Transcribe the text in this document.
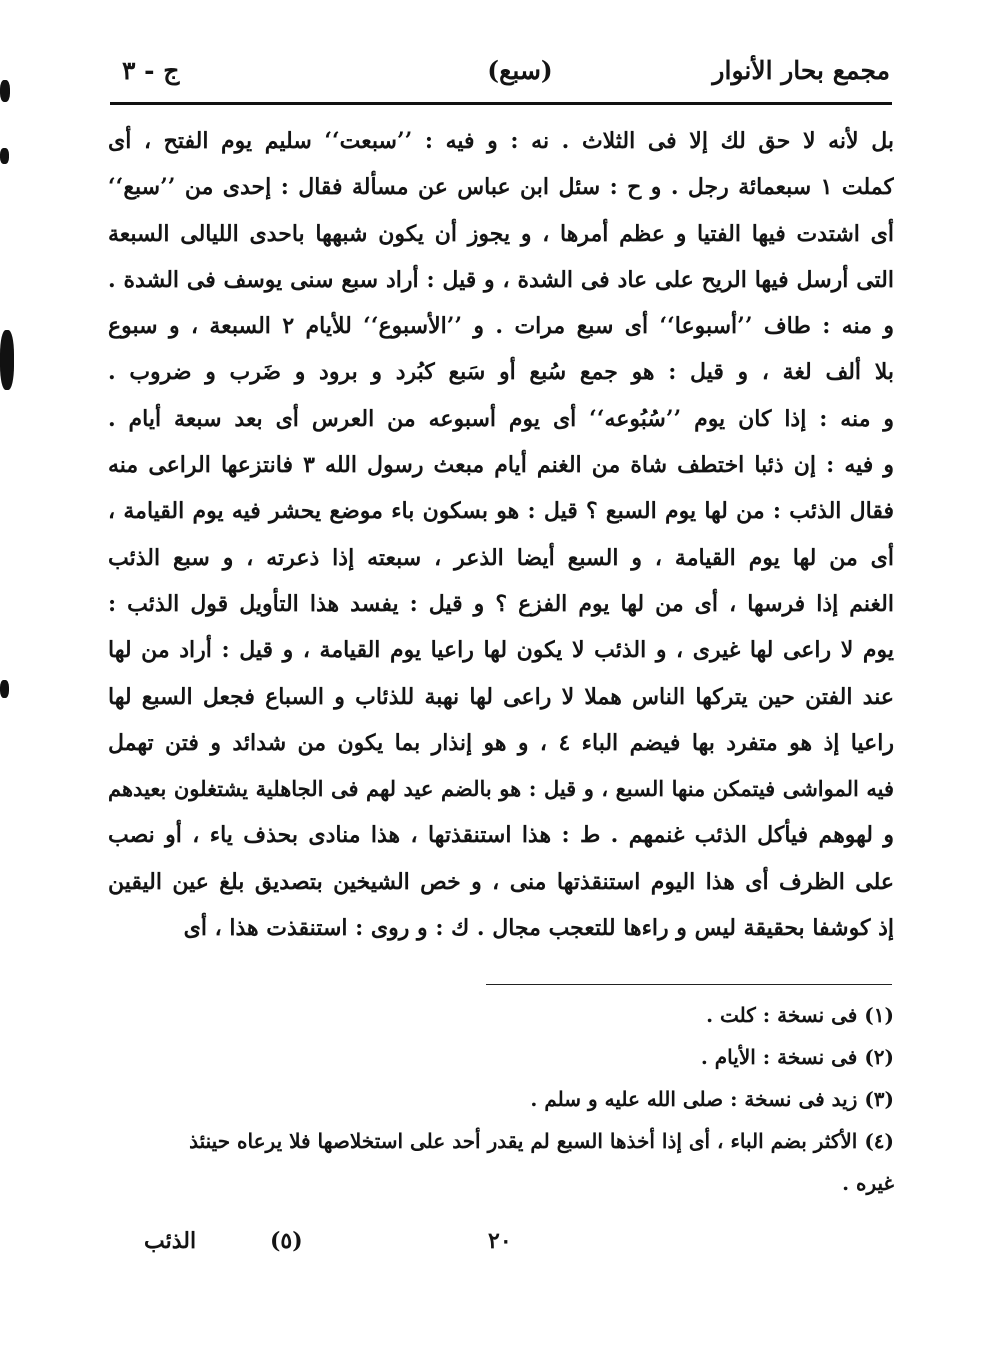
مجمع بحار الأنوار
(سبع)
ج - ٣
بل لأنه لا حق لك إلا فى الثلاث . نه : و فيه : ’’سبعت‘‘ سليم يوم الفتح ، أى
كملت ١ سبعمائة رجل . و ح : سئل ابن عباس عن مسألة فقال : إحدى من ’’سبع‘‘
أى اشتدت فيها الفتيا و عظم أمرها ، و يجوز أن يكون شبهها باحدى الليالى السبعة
التى أرسل فيها الريح على عاد فى الشدة ، و قيل : أراد سبع سنى يوسف فى الشدة .
و منه : طاف ’’أسبوعا‘‘ أى سبع مرات . و ’’الأسبوع‘‘ للأيام ٢ السبعة ، و سبوع
بلا ألف لغة ، و قيل : هو جمع سُبع أو سَبع كبُرد و برود و ضَرب و ضروب .
و منه : إذا كان يوم ’’سُبُوعه‘‘ أى يوم أسبوعه من العرس أى بعد سبعة أيام .
و فيه : إن ذئبا اختطف شاة من الغنم أيام مبعث رسول الله ٣ فانتزعها الراعى منه
فقال الذئب : من لها يوم السبع ؟ قيل : هو بسكون باء موضع يحشر فيه يوم القيامة ،
أى من لها يوم القيامة ، و السبع أيضا الذعر ، سبعته إذا ذعرته ، و سبع الذئب
الغنم إذا فرسها ، أى من لها يوم الفزع ؟ و قيل : يفسد هذا التأويل قول الذئب :
يوم لا راعى لها غيرى ، و الذئب لا يكون لها راعيا يوم القيامة ، و قيل : أراد من لها
عند الفتن حين يتركها الناس هملا لا راعى لها نهبة للذئاب و السباع فجعل السبع لها
راعيا إذ هو متفرد بها فيضم الباء ٤ ، و هو إنذار بما يكون من شدائد و فتن تهمل
فيه المواشى فيتمكن منها السبع ، و قيل : هو بالضم عيد لهم فى الجاهلية يشتغلون بعيدهم
و لهوهم فيأكل الذئب غنمهم . ط : هذا استنقذتها ، هذا منادى بحذف ياء ، أو نصب
على الظرف أى هذا اليوم استنقذتها منى ، و خص الشيخين بتصديق بلغ عين اليقين
إذ كوشفا بحقيقة ليس و راءها للتعجب مجال . ك : و روى : استنقذت هذا ، أى
(١) فى نسخة : كلت .
(٢) فى نسخة : الأيام .
(٣) زيد فى نسخة : صلى الله عليه و سلم .
(٤) الأكثر بضم الباء ، أى إذا أخذها السبع لم يقدر أحد على استخلاصها فلا يرعاه حينئذ
غيره .
٢٠
(٥)
الذئب
